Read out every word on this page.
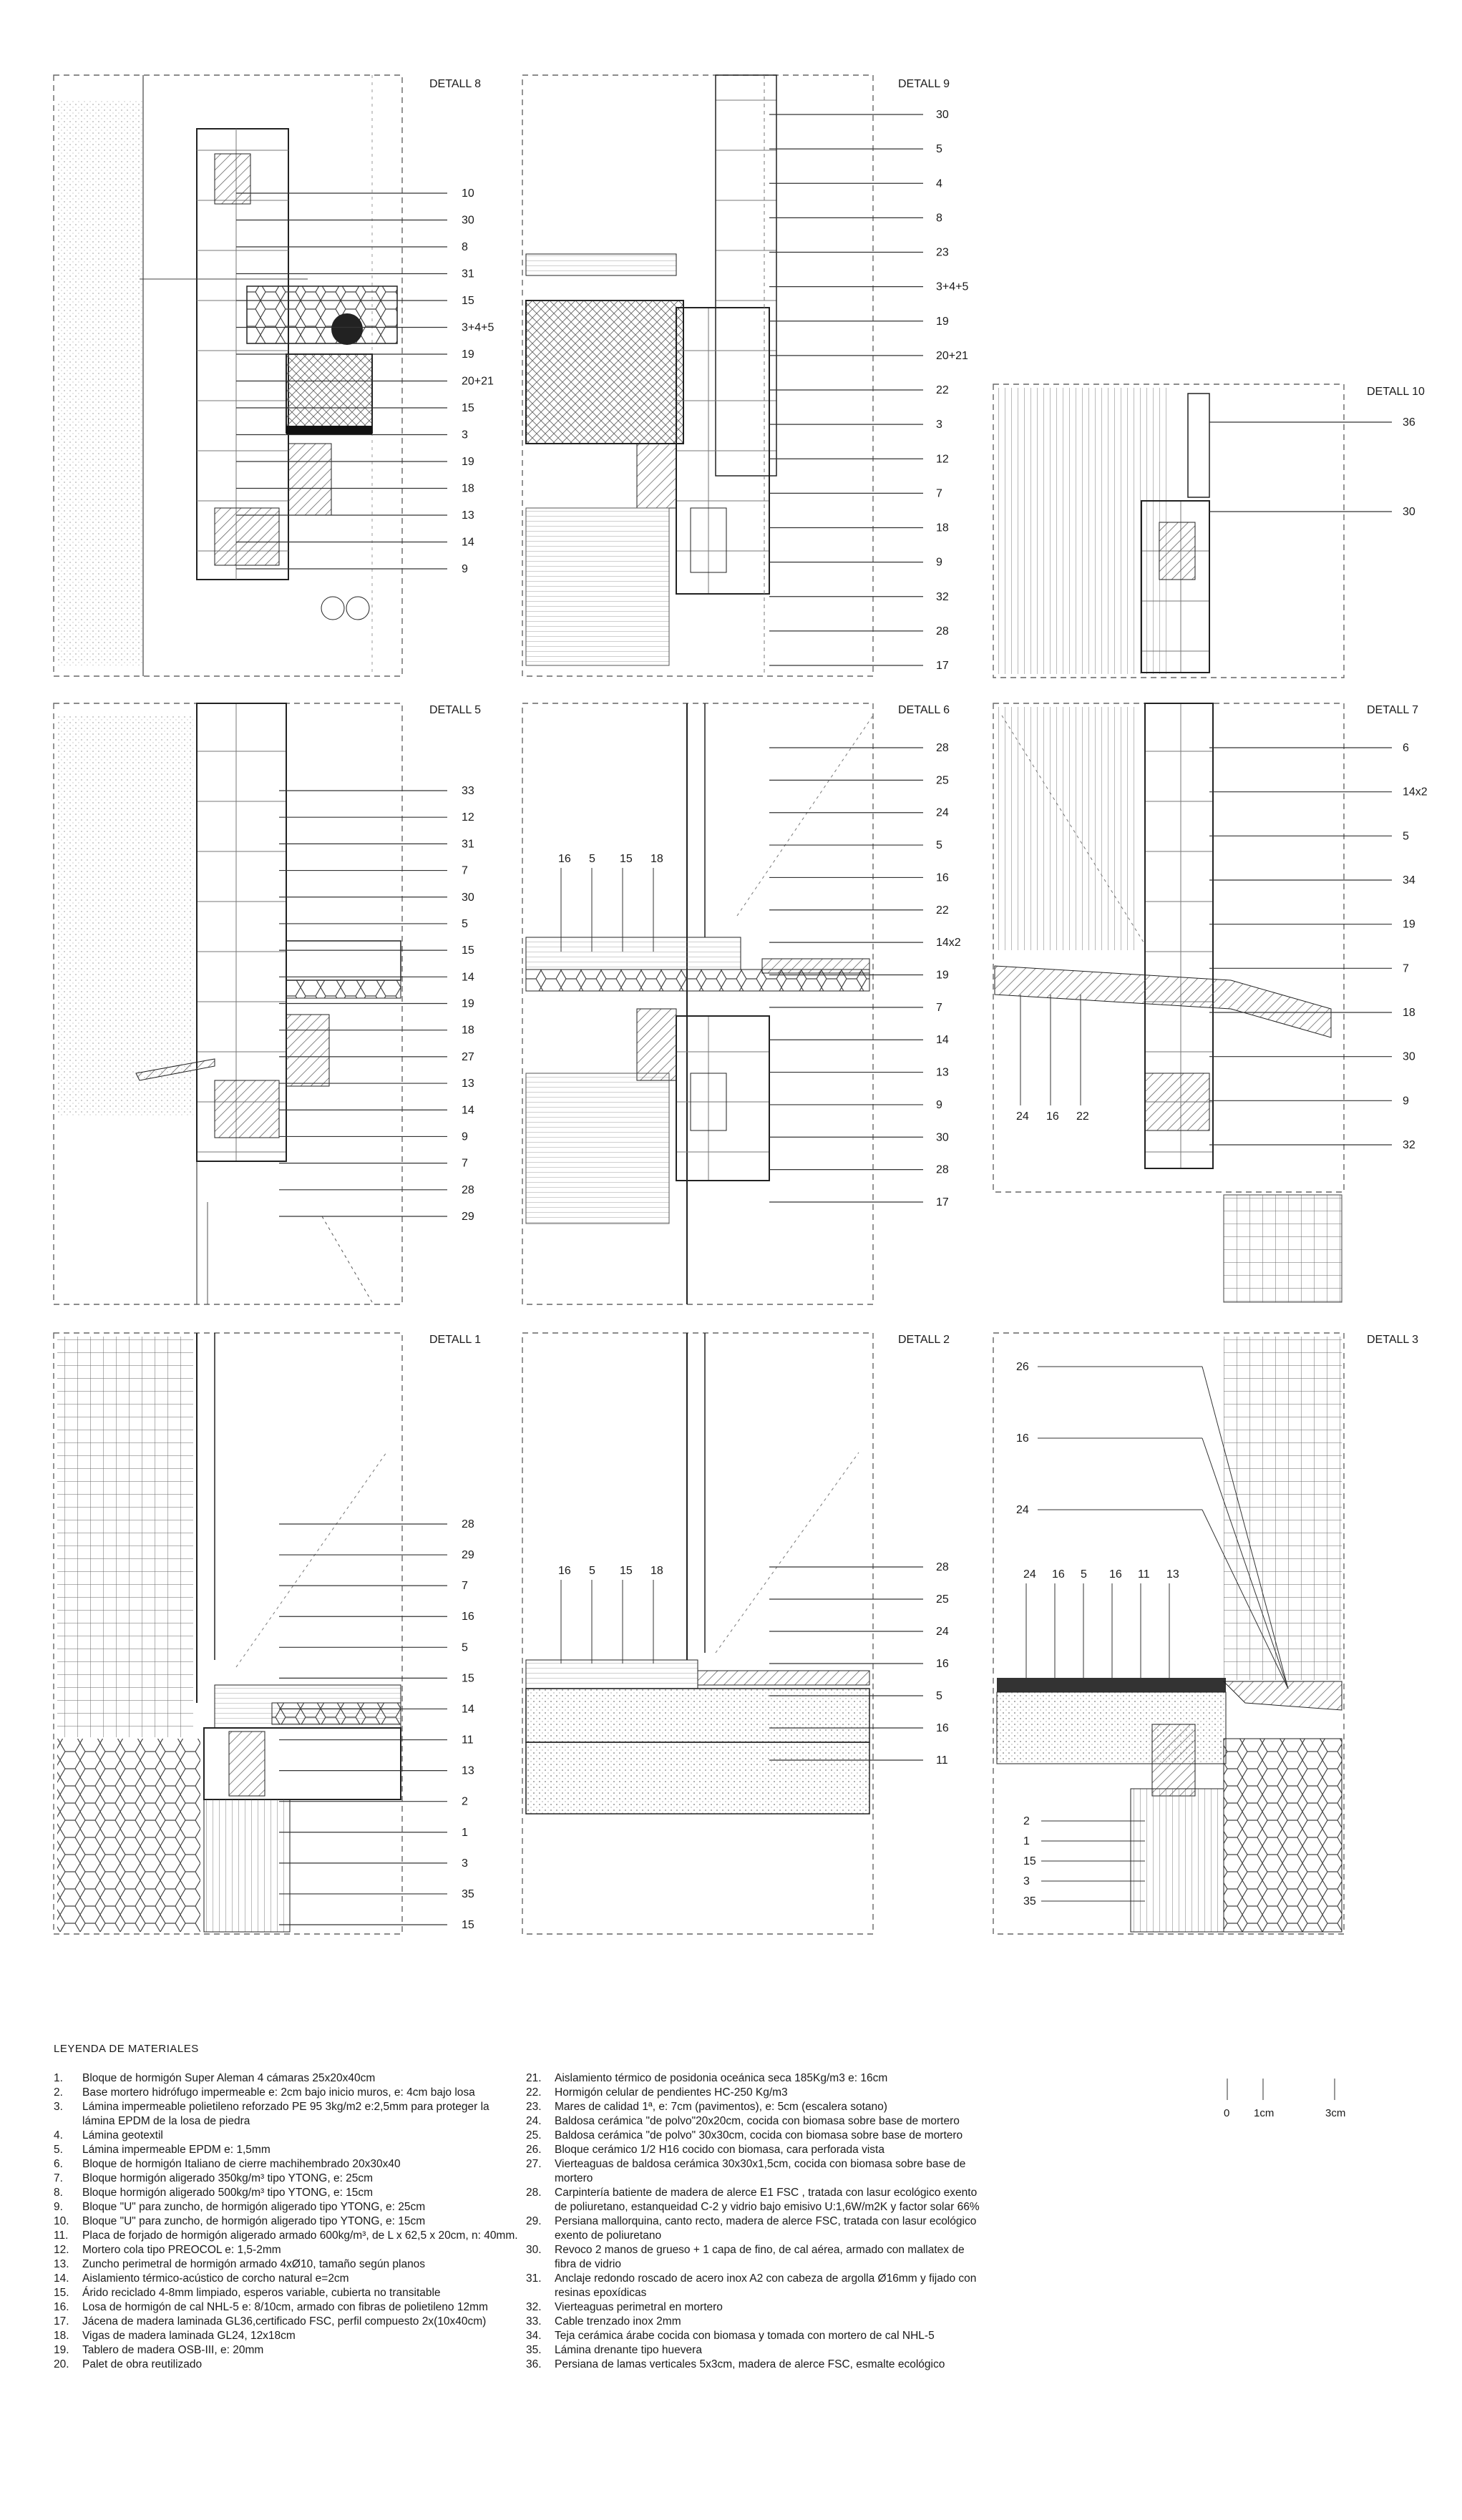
DETALL 8
10
30
8
31
15
3+4+5
19
20+21
15
3
19
18
13
14
9
DETALL 9
30
5
4
8
23
3+4+5
19
20+21
22
3
12
7
18
9
32
28
17
DETALL 10
36
30
DETALL 5
33
12
31
7
30
5
15
14
19
18
27
13
14
9
7
28
29
DETALL 6
28
25
24
5
16
22
14x2
19
7
14
13
9
30
28
17
16 5 15 18
DETALL 7
6
14x2
5
34
19
7
18
30
9
32
24 16 22
DETALL 1
28
29
7
16
5
15
14
11
13
2
1
3
35
15
DETALL 2
28
25
24
16
5
16
11
16 5 15 18
DETALL 3
26
16
24
24 16 5 16 11 13
2
1
15
3
35
0 1cm	3cm
LEYENDA DE MATERIALES
1.	Bloque de hormigón Super Aleman 4 cámaras 25x20x40cm
2.	Base mortero hidrófugo impermeable e: 2cm bajo inicio muros, e: 4cm bajo losa
3.	Lámina impermeable polietileno reforzado PE 95 3kg/m2 e:2,5mm para proteger la lámina EPDM de la losa de piedra
4.	Lámina geotextil
5.	Lámina impermeable EPDM e: 1,5mm
6.	Bloque de hormigón Italiano de cierre machihembrado 20x30x40
7.	Bloque hormigón aligerado 350kg/m³ tipo YTONG, e: 25cm
8.	Bloque hormigón aligerado 500kg/m³ tipo YTONG, e: 15cm
9.	Bloque "U" para zuncho, de hormigón aligerado tipo YTONG, e: 25cm
10.	Bloque "U" para zuncho, de hormigón aligerado tipo YTONG, e: 15cm
11.	Placa de forjado de hormigón aligerado armado 600kg/m³, de L x 62,5 x 20cm, n: 40mm.
12.	Mortero cola tipo PREOCOL e: 1,5-2mm
13.	Zuncho perimetral de hormigón armado 4xØ10, tamaño según planos
14.	Aislamiento térmico-acústico de corcho natural e=2cm
15.	Árido reciclado 4-8mm limpiado, esperos variable, cubierta no transitable
16.	Losa de hormigón de cal NHL-5 e: 8/10cm, armado con fibras de polietileno 12mm
17.	Jácena de madera laminada GL36,certificado FSC, perfil compuesto 2x(10x40cm)
18.	Vigas de madera laminada GL24, 12x18cm
19.	Tablero de madera OSB-III, e: 20mm
20.	Palet de obra reutilizado
21.	Aislamiento térmico de posidonia oceánica seca 185Kg/m3 e: 16cm
22.	Hormigón celular de pendientes HC-250 Kg/m3
23.	Mares de calidad 1ª, e: 7cm (pavimentos), e: 5cm (escalera sotano)
24.	Baldosa cerámica "de polvo"20x20cm, cocida con biomasa sobre base de mortero
25.	Baldosa cerámica "de polvo" 30x30cm, cocida con biomasa sobre base de mortero
26.	Bloque cerámico 1/2 H16 cocido con biomasa, cara perforada vista
27.	Vierteaguas de baldosa cerámica 30x30x1,5cm, cocida con biomasa sobre base de mortero
28.	Carpintería batiente de madera de alerce E1 FSC , tratada con lasur ecológico exento de poliuretano, estanqueidad C-2 y vidrio bajo emisivo U:1,6W/m2K y factor solar 66%
29.	Persiana mallorquina, canto recto, madera de alerce FSC, tratada con lasur ecológico exento de poliuretano
30.	Revoco 2 manos de grueso + 1 capa de fino, de cal aérea, armado con mallatex de fibra de vidrio
31.	Anclaje redondo roscado de acero inox A2 con cabeza de argolla Ø16mm y fijado con resinas epoxídicas
32.	Vierteaguas perimetral en mortero
33.	Cable trenzado inox 2mm
34.	Teja cerámica árabe cocida con biomasa y tomada con mortero de cal NHL-5
35.	Lámina drenante tipo huevera
36.	Persiana de lamas verticales 5x3cm, madera de alerce FSC, esmalte ecológico
